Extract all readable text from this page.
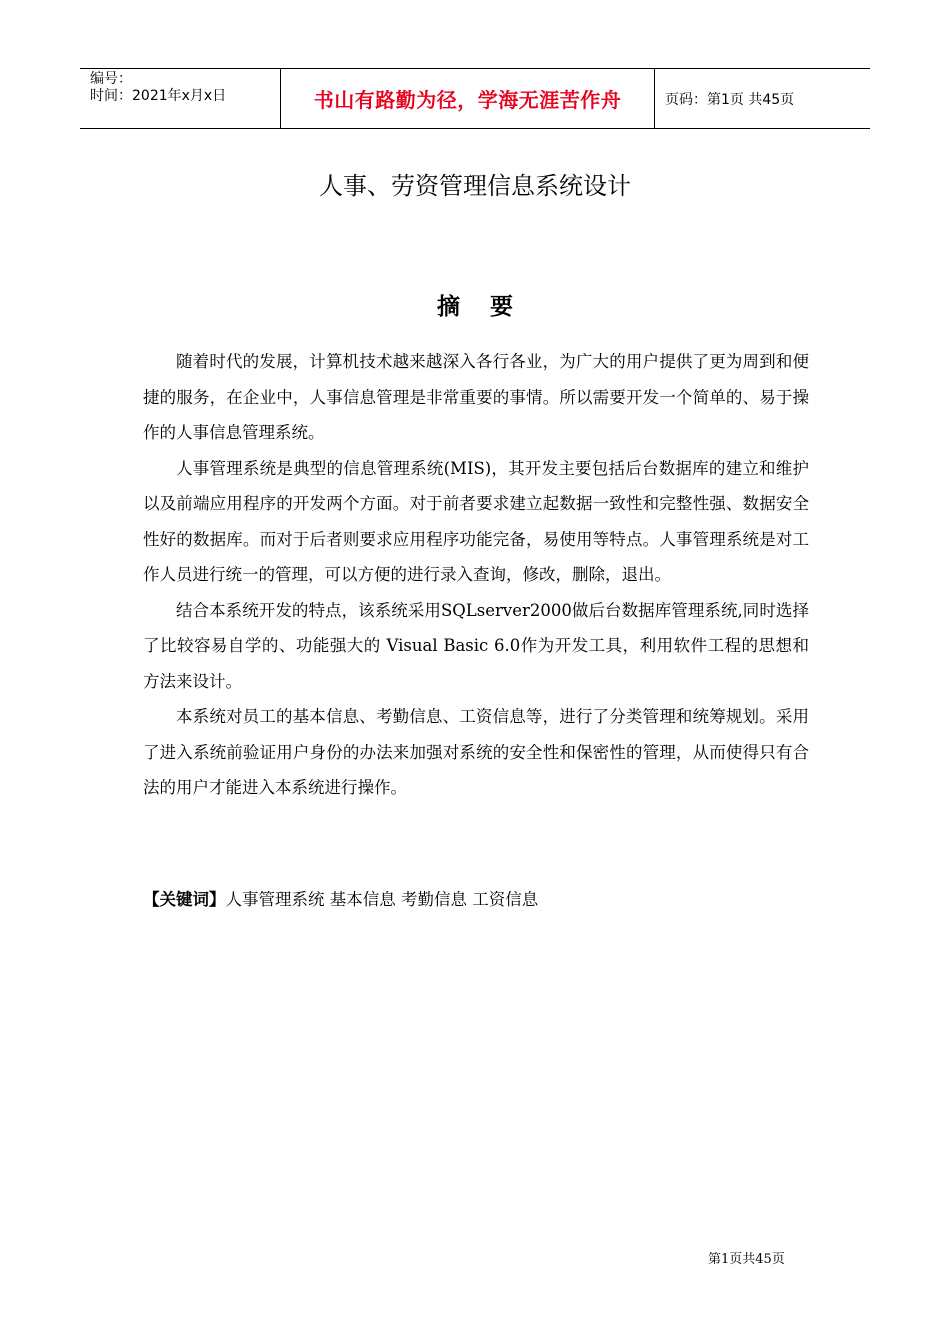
编号：
时间：2021年x月x日	书山有路勤为径，学海无涯苦作舟	页码：第1页 共45页
人事、劳资管理信息系统设计
摘要

随着时代的发展，计算机技术越来越深入各行各业，为广大的用户提供了更为周到和便捷的服务，在企业中，人事信息管理是非常重要的事情。所以需要开发一个简单的、易于操作的人事信息管理系统。

人事管理系统是典型的信息管理系统(MIS)，其开发主要包括后台数据库的建立和维护以及前端应用程序的开发两个方面。对于前者要求建立起数据一致性和完整性强、数据安全性好的数据库。而对于后者则要求应用程序功能完备，易使用等特点。人事管理系统是对工作人员进行统一的管理，可以方便的进行录入查询，修改，删除，退出。

结合本系统开发的特点，该系统采用SQLserver2000做后台数据库管理系统,同时选择了比较容易自学的、功能强大的 Visual Basic 6.0作为开发工具，利用软件工程的思想和方法来设计。

本系统对员工的基本信息、考勤信息、工资信息等，进行了分类管理和统筹规划。采用了进入系统前验证用户身份的办法来加强对系统的安全性和保密性的管理，从而使得只有合法的用户才能进入本系统进行操作。

【关键词】人事管理系统 基本信息 考勤信息 工资信息
第1页共45页
